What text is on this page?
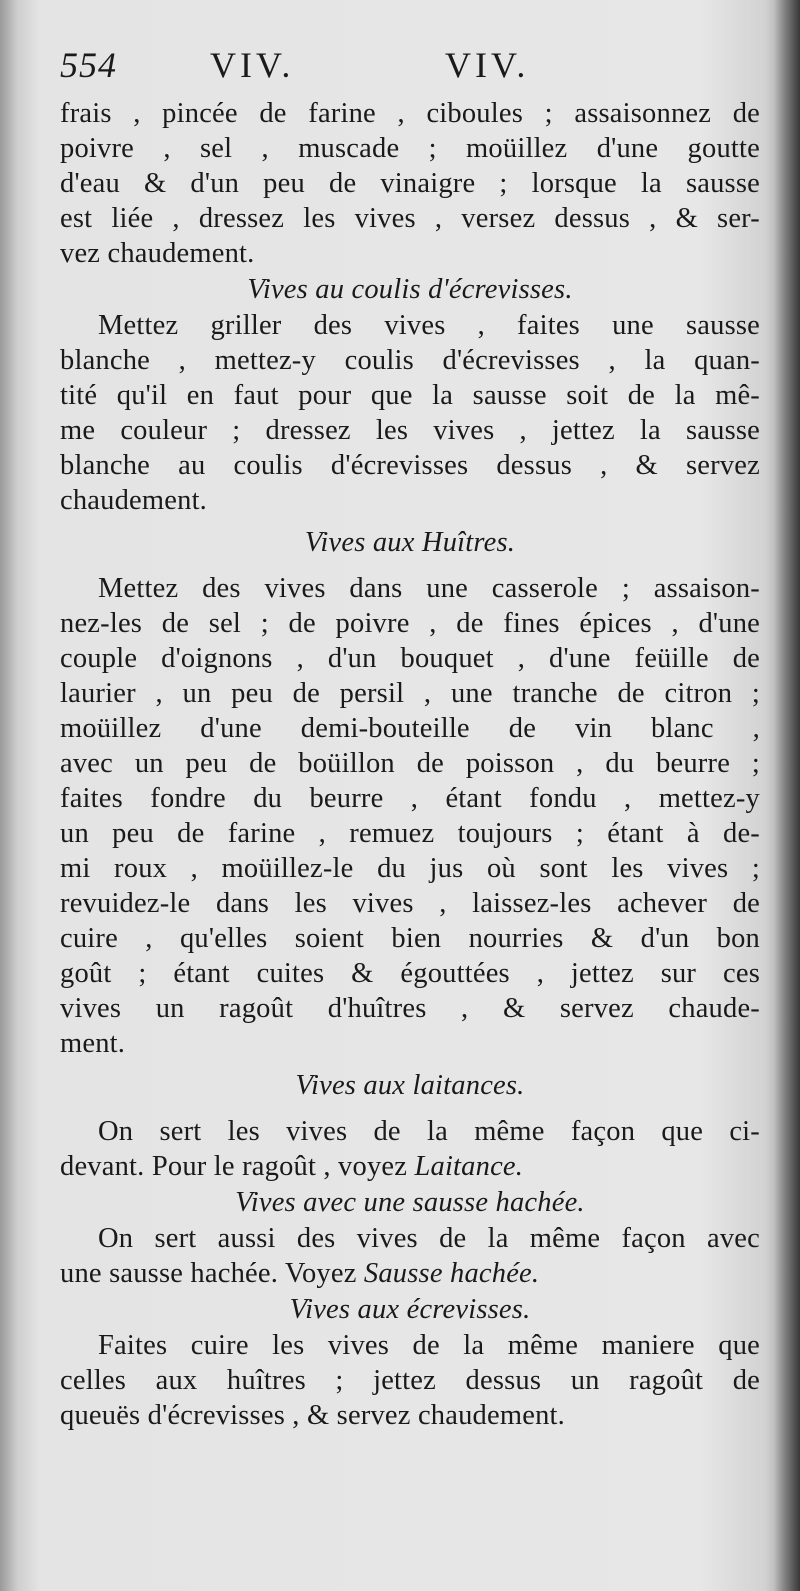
554	VIV.	VIV.
frais , pincée de farine , ciboules ; assaisonnez de
poivre , sel , muscade ; moüillez d'une goutte
d'eau & d'un peu de vinaigre ; lorsque la sausse
est liée , dressez les vives , versez dessus , & ser-
vez chaudement.
Vives au coulis d'écrevisses.
Mettez griller des vives , faites une sausse
blanche , mettez-y coulis d'écrevisses , la quan-
tité qu'il en faut pour que la sausse soit de la mê-
me couleur ; dressez les vives , jettez la sausse
blanche au coulis d'écrevisses dessus , & servez
chaudement.
Vives aux Huîtres.
Mettez des vives dans une casserole ; assaison-
nez-les de sel ; de poivre , de fines épices , d'une
couple d'oignons , d'un bouquet , d'une feüille de
laurier , un peu de persil , une tranche de citron ;
moüillez d'une demi-bouteille de vin blanc ,
avec un peu de boüillon de poisson , du beurre ;
faites fondre du beurre , étant fondu , mettez-y
un peu de farine , remuez toujours ; étant à de-
mi roux , moüillez-le du jus où sont les vives ;
revuidez-le dans les vives , laissez-les achever de
cuire , qu'elles soient bien nourries & d'un bon
goût ; étant cuites & égouttées , jettez sur ces
vives un ragoût d'huîtres , & servez chaude-
ment.
Vives aux laitances.
On sert les vives de la même façon que ci-
devant. Pour le ragoût , voyez Laitance.
Vives avec une sausse hachée.
On sert aussi des vives de la même façon avec
une sausse hachée. Voyez Sausse hachée.
Vives aux écrevisses.
Faites cuire les vives de la même maniere que
celles aux huîtres ; jettez dessus un ragoût de
queuës d'écrevisses , & servez chaudement.
